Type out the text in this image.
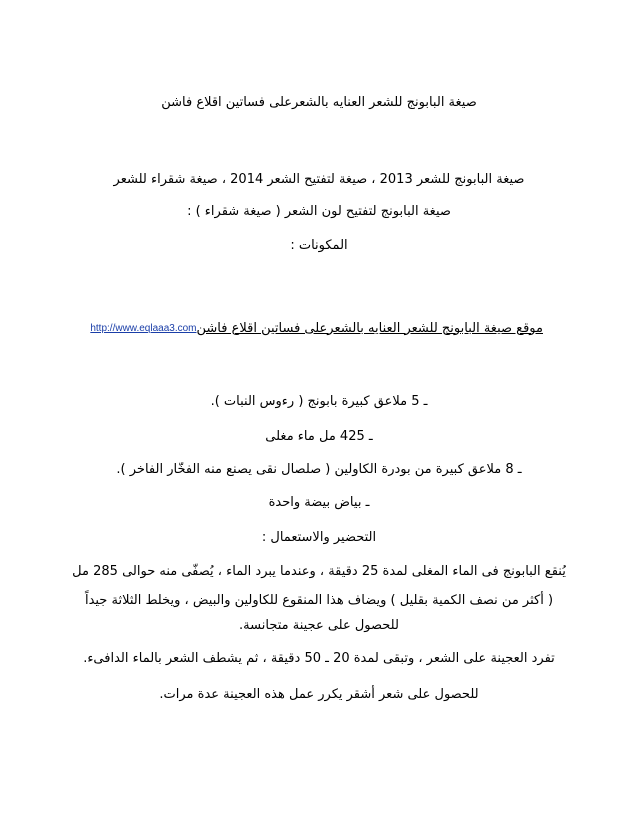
صيغة البابونج للشعر العنايه بالشعرعلى فساتين اقلاع فاشن
صيغة البابونج للشعر 2013 ، صيغة لتفتيح الشعر 2014 ، صيغة شقراء للشعر
صيغة البابونج لتفتيح لون الشعر ( صيغة شقراء ) :
المكونات :
موقع صيغة البابونج للشعر العنايه بالشعرعلى فساتين اقلاع فاشن
http://www.eqlaaa3.com
ـ 5 ملاعق كبيرة بابونج ( رءوس النبات ).
ـ 425 مل ماء مغلى
ـ 8 ملاعق كبيرة من بودرة الكاولين ( صلصال نقى يصنع منه الفخّار الفاخر ).
ـ بياض بيضة واحدة
التحضير والاستعمال :
يُنقع البابونج فى الماء المغلى لمدة 25 دقيقة ، وعندما يبرد الماء ، يُصفّى منه حوالى 285 مل
( أكثر من نصف الكمية بقليل ) ويضاف هذا المنقوع للكاولين والبيض ، ويخلط الثلاثة جيداً
للحصول على عجينة متجانسة.
تفرد العجينة على الشعر ، وتبقى لمدة 20 ـ 50 دقيقة ، ثم يشطف الشعر بالماء الدافىء.
للحصول على شعر أشقر يكرر عمل هذه العجينة عدة مرات.
